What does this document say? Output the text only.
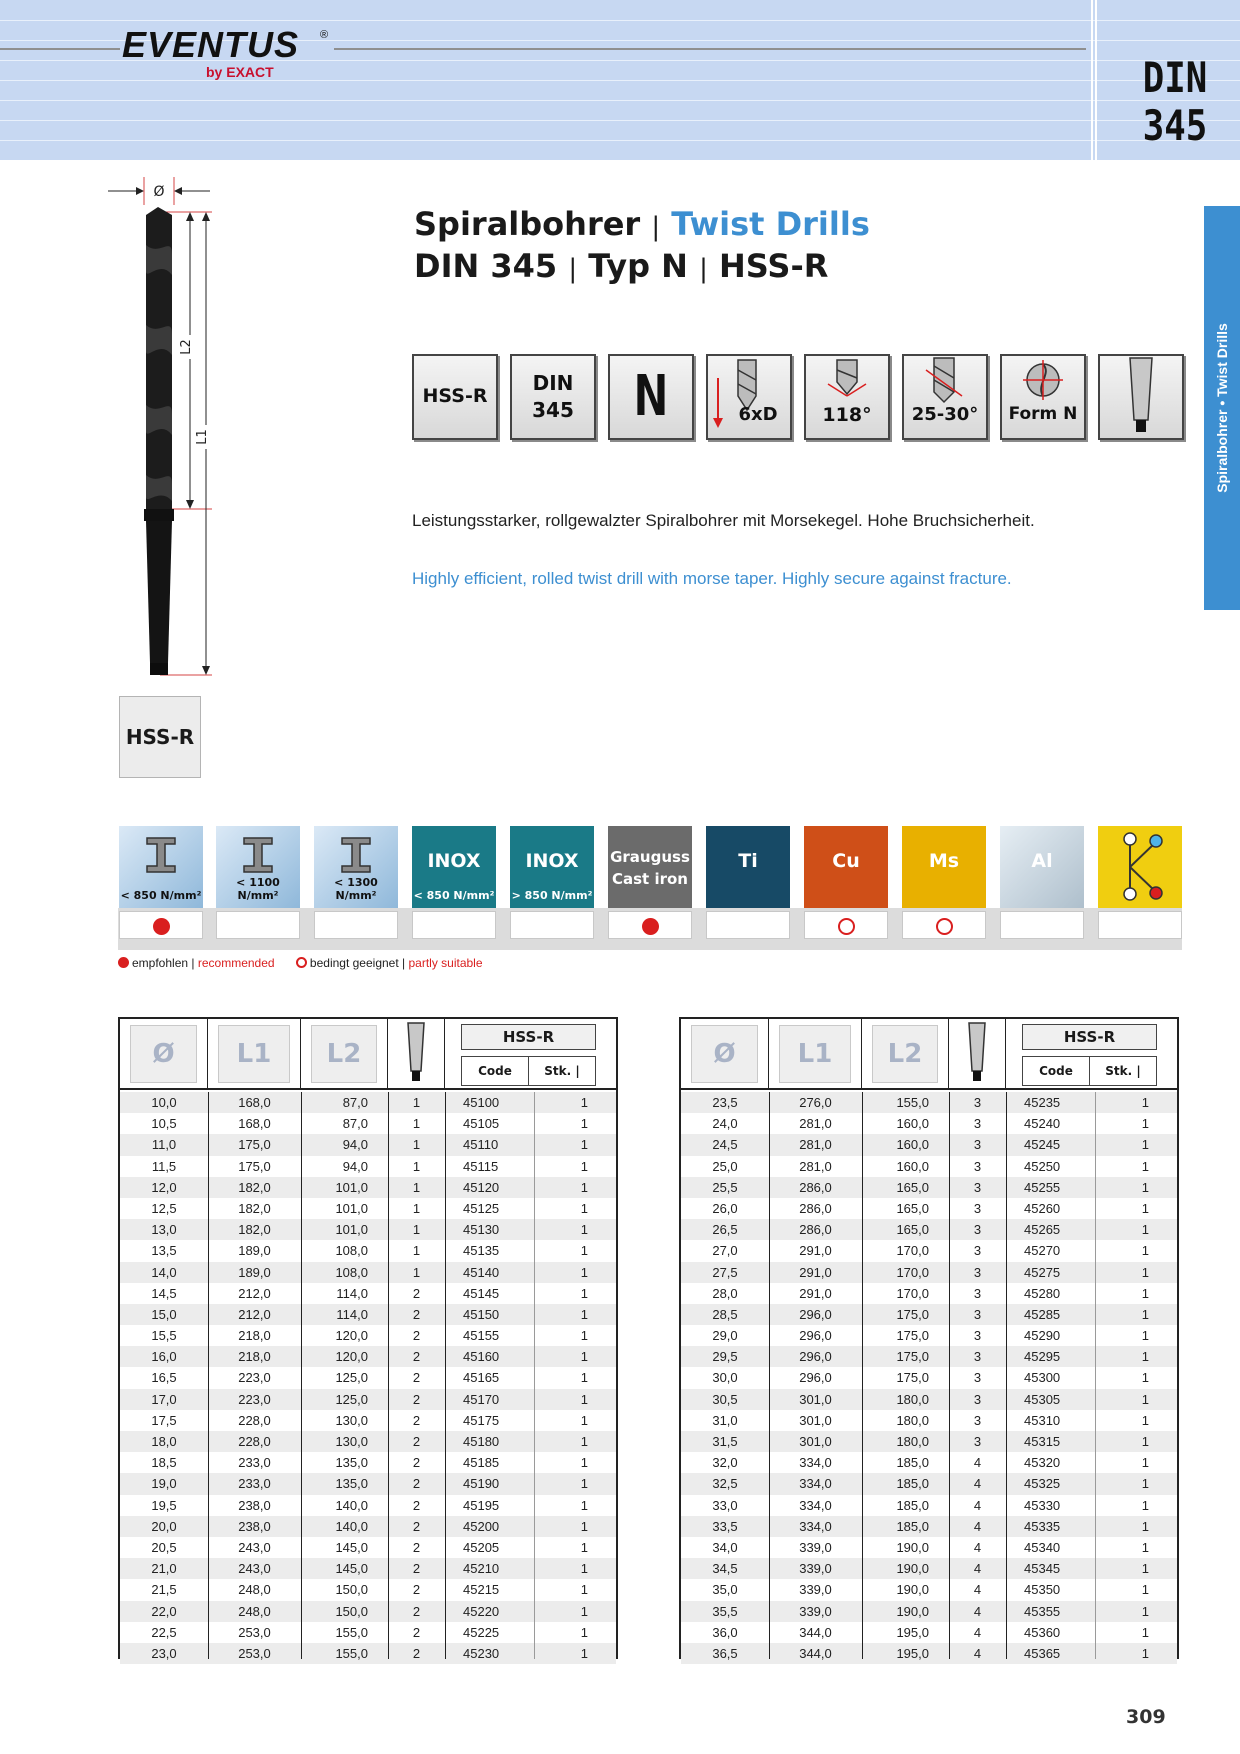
EVENTUS ®
by EXACT	DIN
345
Spiralbohrer • Twist Drills
Ø
L2
L1
HSS-R
Spiralbohrer | Twist Drills
DIN 345 | Typ N | HSS-R
HSS-R
DIN
345	N	6xD	118°	25-30°	Form N
Leistungsstarker, rollgewalzter Spiralbohrer mit Morsekegel. Hohe Bruchsicherheit.
Highly efficient, rolled twist drill with morse taper. Highly secure against fracture.
< 850 N/mm²
< 1100 N/mm²
< 1300 N/mm²
INOX
< 850 N/mm²
INOX
> 850 N/mm²
Grauguss
Cast iron
Ti	Cu	Ms	Al
empfohlen | recommended	bedingt geeignet | partly suitable
Ø	L1	L2
HSS-R
Code	Stk. |
10,0	168,0	87,0	1	45100	1
10,5	168,0	87,0	1	45105	1
11,0	175,0	94,0	1	45110	1
11,5	175,0	94,0	1	45115	1
12,0	182,0	101,0	1	45120	1
12,5	182,0	101,0	1	45125	1
13,0	182,0	101,0	1	45130	1
13,5	189,0	108,0	1	45135	1
14,0	189,0	108,0	1	45140	1
14,5	212,0	114,0	2	45145	1
15,0	212,0	114,0	2	45150	1
15,5	218,0	120,0	2	45155	1
16,0	218,0	120,0	2	45160	1
16,5	223,0	125,0	2	45165	1
17,0	223,0	125,0	2	45170	1
17,5	228,0	130,0	2	45175	1
18,0	228,0	130,0	2	45180	1
18,5	233,0	135,0	2	45185	1
19,0	233,0	135,0	2	45190	1
19,5	238,0	140,0	2	45195	1
20,0	238,0	140,0	2	45200	1
20,5	243,0	145,0	2	45205	1
21,0	243,0	145,0	2	45210	1
21,5	248,0	150,0	2	45215	1
22,0	248,0	150,0	2	45220	1
22,5	253,0	155,0	2	45225	1
23,0	253,0	155,0	2	45230	1
Ø	L1	L2
HSS-R
Code	Stk. |
23,5	276,0	155,0	3	45235	1
24,0	281,0	160,0	3	45240	1
24,5	281,0	160,0	3	45245	1
25,0	281,0	160,0	3	45250	1
25,5	286,0	165,0	3	45255	1
26,0	286,0	165,0	3	45260	1
26,5	286,0	165,0	3	45265	1
27,0	291,0	170,0	3	45270	1
27,5	291,0	170,0	3	45275	1
28,0	291,0	170,0	3	45280	1
28,5	296,0	175,0	3	45285	1
29,0	296,0	175,0	3	45290	1
29,5	296,0	175,0	3	45295	1
30,0	296,0	175,0	3	45300	1
30,5	301,0	180,0	3	45305	1
31,0	301,0	180,0	3	45310	1
31,5	301,0	180,0	3	45315	1
32,0	334,0	185,0	4	45320	1
32,5	334,0	185,0	4	45325	1
33,0	334,0	185,0	4	45330	1
33,5	334,0	185,0	4	45335	1
34,0	339,0	190,0	4	45340	1
34,5	339,0	190,0	4	45345	1
35,0	339,0	190,0	4	45350	1
35,5	339,0	190,0	4	45355	1
36,0	344,0	195,0	4	45360	1
36,5	344,0	195,0	4	45365	1
309
